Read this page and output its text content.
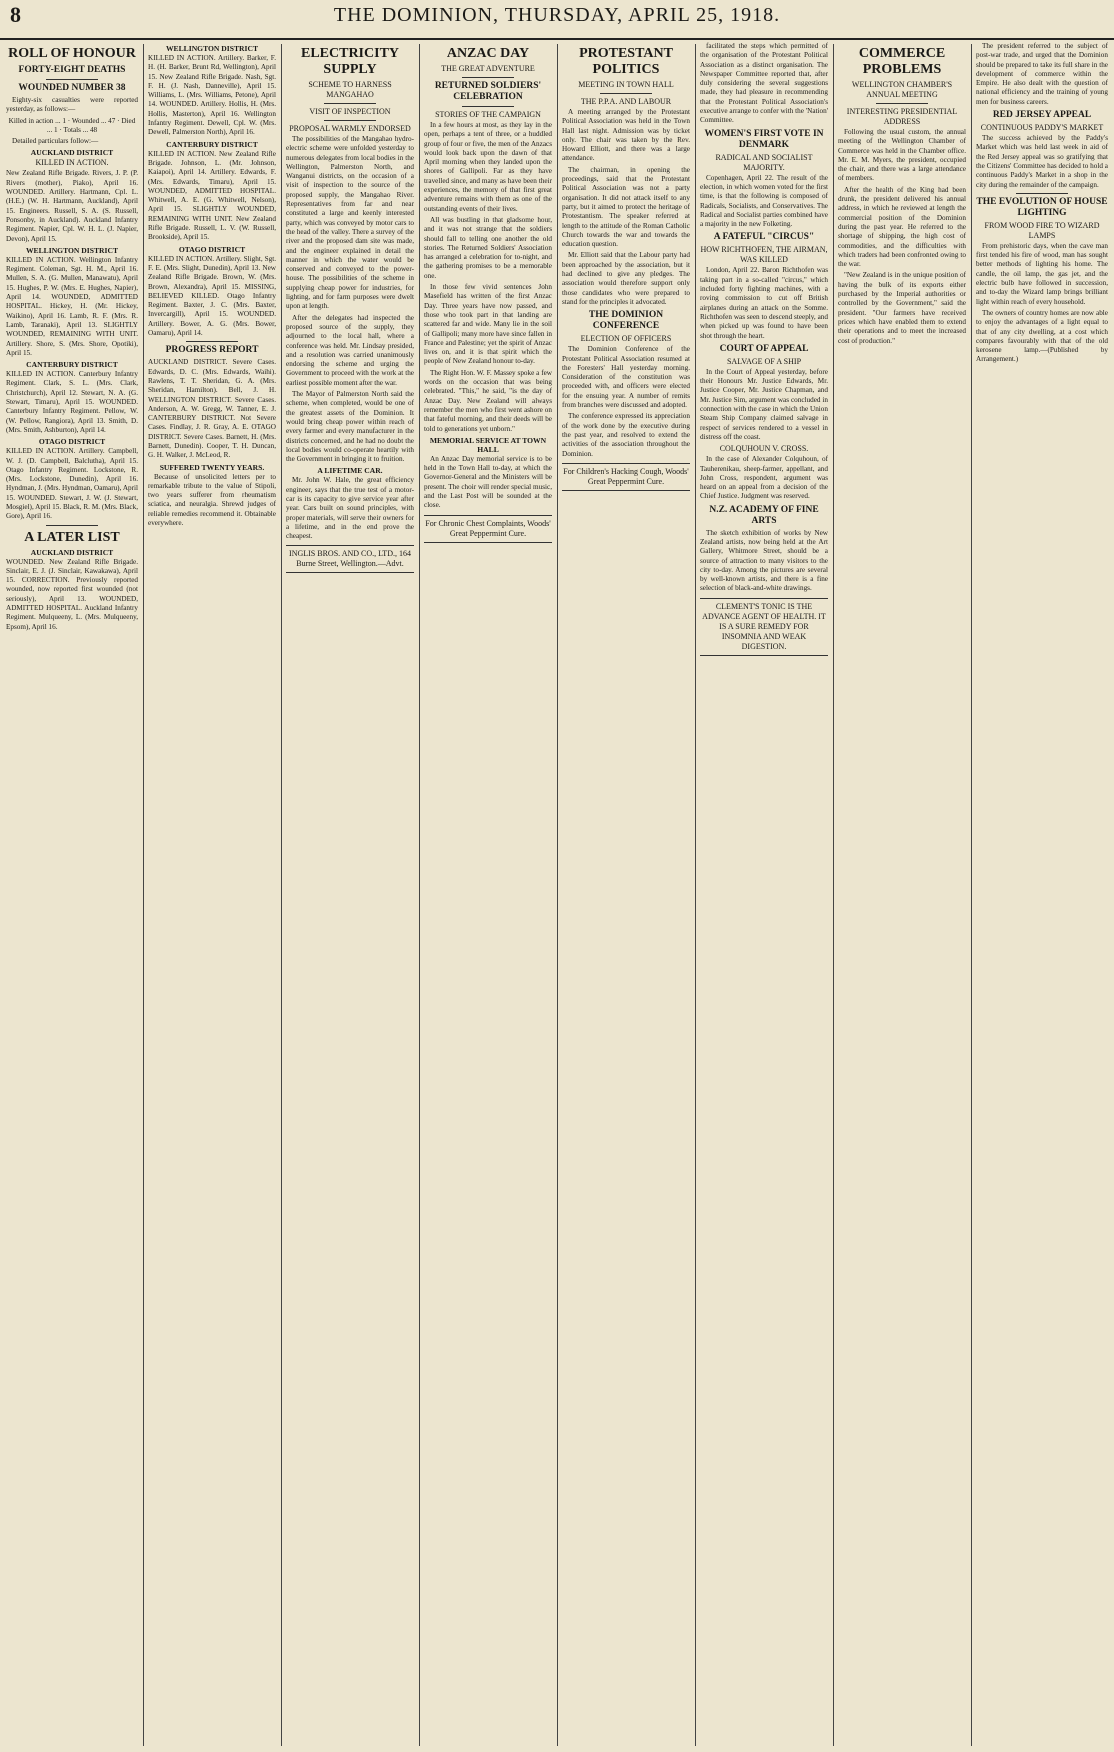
8	THE DOMINION, THURSDAY, APRIL 25, 1918.
ROLL OF HONOUR
FORTY-EIGHT DEATHS
WOUNDED NUMBER 38

Eighty-six casualties were reported yesterday, as follows:—

Killed in action ... 1 · Wounded ... 47 · Died ... 1 · Totals ... 48

Detailed particulars follow:—

AUCKLAND DISTRICT
KILLED IN ACTION.

New Zealand Rifle Brigade. Rivers, J. P. (P. Rivers (mother), Piako), April 16. WOUNDED. Artillery. Hartmann, Cpl. L. (H.E.) (W. H. Hartmann, Auckland), April 15. Engineers. Russell, S. A. (S. Russell, Ponsonby, in Auckland). Auckland Infantry Regiment. Napier, Cpl. W. H. L. (J. Napier, Devon), April 15.

WELLINGTON DISTRICT

KILLED IN ACTION. Wellington Infantry Regiment. Coleman, Sgt. H. M., April 16. Mullen, S. A. (G. Mullen, Manawatu), April 15. Hughes, P. W. (Mrs. E. Hughes, Napier), April 14. WOUNDED, ADMITTED HOSPITAL. Hickey, H. (Mr. Hickey, Waikino), April 16. Lamb, R. F. (Mrs. R. Lamb, Taranaki), April 13. SLIGHTLY WOUNDED, REMAINING WITH UNIT. Artillery. Shore, S. (Mrs. Shore, Opotiki), April 15.

CANTERBURY DISTRICT

KILLED IN ACTION. Canterbury Infantry Regiment. Clark, S. L. (Mrs. Clark, Christchurch), April 12. Stewart, N. A. (G. Stewart, Timaru), April 15. WOUNDED. Canterbury Infantry Regiment. Pellow, W. (W. Pellow, Rangiora), April 13. Smith, D. (Mrs. Smith, Ashburton), April 14.

OTAGO DISTRICT

KILLED IN ACTION. Artillery. Campbell, W. J. (D. Campbell, Balclutha), April 15. Otago Infantry Regiment. Lockstone, R. (Mrs. Lockstone, Dunedin), April 16. Hyndman, J. (Mrs. Hyndman, Oamaru), April 15. WOUNDED. Stewart, J. W. (J. Stewart, Mosgiel), April 15. Black, R. M. (Mrs. Black, Gore), April 16.

A LATER LIST
AUCKLAND DISTRICT

WOUNDED. New Zealand Rifle Brigade. Sinclair, E. J. (J. Sinclair, Kawakawa), April 15. CORRECTION. Previously reported wounded, now reported first wounded (not seriously), April 13. WOUNDED, ADMITTED HOSPITAL. Auckland Infantry Regiment. Mulqueeny, L. (Mrs. Mulqueeny, Epsom), April 16.

WELLINGTON DISTRICT

KILLED IN ACTION. Artillery. Barker, F. H. (H. Barker, Brunt Rd, Wellington), April 15. New Zealand Rifle Brigade. Nash, Sgt. F. H. (J. Nash, Danneville), April 15. Williams, L. (Mrs. Williams, Petone), April 14. WOUNDED. Artillery. Hollis, H. (Mrs. Hollis, Masterton), April 16. Wellington Infantry Regiment. Dewell, Cpl. W. (Mrs. Dewell, Palmerston North), April 16.

CANTERBURY DISTRICT

KILLED IN ACTION. New Zealand Rifle Brigade. Johnson, L. (Mr. Johnson, Kaiapoi), April 14. Artillery. Edwards, F. (Mrs. Edwards, Timaru), April 15. WOUNDED, ADMITTED HOSPITAL. Whitwell, A. E. (G. Whitwell, Nelson), April 15. SLIGHTLY WOUNDED, REMAINING WITH UNIT. New Zealand Rifle Brigade. Russell, L. V. (W. Russell, Brookside), April 15.

OTAGO DISTRICT

KILLED IN ACTION. Artillery. Slight, Sgt. F. E. (Mrs. Slight, Dunedin), April 13. New Zealand Rifle Brigade. Brown, W. (Mrs. Brown, Alexandra), April 15. MISSING, BELIEVED KILLED. Otago Infantry Regiment. Baxter, J. C. (Mrs. Baxter, Invercargill), April 15. WOUNDED. Artillery. Bower, A. G. (Mrs. Bower, Oamaru), April 14.

PROGRESS REPORT

AUCKLAND DISTRICT. Severe Cases. Edwards, D. C. (Mrs. Edwards, Waihi). Rawlens, T. T. Sheridan, G. A. (Mrs. Sheridan, Hamilton). Bell, J. H. WELLINGTON DISTRICT. Severe Cases. Anderson, A. W. Gregg, W. Tanner, E. J. CANTERBURY DISTRICT. Not Severe Cases. Findlay, J. R. Gray, A. E. OTAGO DISTRICT. Severe Cases. Barnett, H. (Mrs. Barnett, Dunedin). Cooper, T. H. Duncan, G. H. Walker, J. McLeod, R.

SUFFERED TWENTY YEARS.

Because of unsolicited letters per to remarkable tribute to the value of Stipoli, two years sufferer from rheumatism sciatica, and neuralgia. Shrewd judges of reliable remedies recommend it. Obtainable everywhere.

ELECTRICITY SUPPLY
SCHEME TO HARNESS MANGAHAO
VISIT OF INSPECTION
PROPOSAL WARMLY ENDORSED

The possibilities of the Mangahao hydro-electric scheme were unfolded yesterday to numerous delegates from local bodies in the Wellington, Palmerston North, and Wanganui districts, on the occasion of a visit of inspection to the source of the proposed supply, the Mangahao River. Representatives from far and near constituted a large and keenly interested party, which was conveyed by motor cars to the head of the valley. There a survey of the river and the proposed dam site was made, and the engineer explained in detail the manner in which the water would be conserved and conveyed to the power-house. The possibilities of the scheme in supplying cheap power for industries, for lighting, and for farm purposes were dwelt upon at length.

After the delegates had inspected the proposed source of the supply, they adjourned to the local hall, where a conference was held. Mr. Lindsay presided, and a resolution was carried unanimously endorsing the scheme and urging the Government to proceed with the work at the earliest possible moment after the war.

The Mayor of Palmerston North said the scheme, when completed, would be one of the greatest assets of the Dominion. It would bring cheap power within reach of every farmer and every manufacturer in the districts concerned, and he had no doubt the local bodies would co-operate heartily with the Government in bringing it to fruition.

A LIFETIME CAR.

Mr. John W. Hale, the great efficiency engineer, says that the true test of a motor-car is its capacity to give service year after year. Cars built on sound principles, with proper materials, will serve their owners for a lifetime, and in the end prove the cheapest.

INGLIS BROS. AND CO., LTD., 164 Burne Street, Wellington.—Advt.
ANZAC DAY
THE GREAT ADVENTURE
RETURNED SOLDIERS' CELEBRATION
STORIES OF THE CAMPAIGN

In a few hours at most, as they lay in the open, perhaps a tent of three, or a huddled group of four or five, the men of the Anzacs would look back upon the dawn of that April morning when they landed upon the shores of Gallipoli. Far as they have travelled since, and many as have been their experiences, the memory of that first great adventure remains with them as one of the outstanding events of their lives.

All was bustling in that gladsome hour, and it was not strange that the soldiers should fall to telling one another the old stories. The Returned Soldiers' Association has arranged a celebration for to-night, and the gathering promises to be a memorable one.

In those few vivid sentences John Masefield has written of the first Anzac Day. Three years have now passed, and those who took part in that landing are scattered far and wide. Many lie in the soil of Gallipoli; many more have since fallen in France and Palestine; yet the spirit of Anzac lives on, and it is that spirit which the people of New Zealand honour to-day.

The Right Hon. W. F. Massey spoke a few words on the occasion that was being celebrated. "This," he said, "is the day of Anzac Day. New Zealand will always remember the men who first went ashore on that fateful morning, and their deeds will be told to generations yet unborn."

MEMORIAL SERVICE AT TOWN HALL

An Anzac Day memorial service is to be held in the Town Hall to-day, at which the Governor-General and the Ministers will be present. The choir will render special music, and the Last Post will be sounded at the close.

For Chronic Chest Complaints, Woods' Great Peppermint Cure.
PROTESTANT POLITICS
MEETING IN TOWN HALL
THE P.P.A. AND LABOUR

A meeting arranged by the Protestant Political Association was held in the Town Hall last night. Admission was by ticket only. The chair was taken by the Rev. Howard Elliott, and there was a large attendance.

The chairman, in opening the proceedings, said that the Protestant Political Association was not a party organisation. It did not attack itself to any party, but it aimed to protect the heritage of Protestantism. The speaker referred at length to the attitude of the Roman Catholic Church towards the war and towards the education question.

Mr. Elliott said that the Labour party had been approached by the association, but it had declined to give any pledges. The association would therefore support only those candidates who were prepared to stand for the principles it advocated.

THE DOMINION CONFERENCE
ELECTION OF OFFICERS

The Dominion Conference of the Protestant Political Association resumed at the Foresters' Hall yesterday morning. Consideration of the constitution was proceeded with, and officers were elected for the ensuing year. A number of remits from branches were discussed and adopted.

The conference expressed its appreciation of the work done by the executive during the past year, and resolved to extend the activities of the association throughout the Dominion.

For Children's Hacking Cough, Woods' Great Peppermint Cure.

facilitated the steps which permitted of the organisation of the Protestant Political Association as a distinct organisation. The Newspaper Committee reported that, after duly considering the several suggestions made, they had pleasure in recommending that the Protestant Political Association's executive arrange to confer with the 'Nation' Committee.

WOMEN'S FIRST VOTE IN DENMARK
RADICAL AND SOCIALIST MAJORITY.

Copenhagen, April 22. The result of the election, in which women voted for the first time, is that the following is composed of Radicals, Socialists, and Conservatives. The Radical and Socialist parties combined have a majority in the new Folketing.

A FATEFUL "CIRCUS"
HOW RICHTHOFEN, THE AIRMAN, WAS KILLED

London, April 22. Baron Richthofen was taking part in a so-called "circus," which included forty fighting machines, with a roving commission to cut off British airplanes during an attack on the Somme. Richthofen was seen to descend steeply, and when picked up was found to have been shot through the heart.

COURT OF APPEAL
SALVAGE OF A SHIP

In the Court of Appeal yesterday, before their Honours Mr. Justice Edwards, Mr. Justice Cooper, Mr. Justice Chapman, and Mr. Justice Sim, argument was concluded in connection with the case in which the Union Steam Ship Company claimed salvage in respect of services rendered to a vessel in distress off the coast.

COLQUHOUN V. CROSS.

In the case of Alexander Colquhoun, of Tauherenikau, sheep-farmer, appellant, and John Cross, respondent, argument was heard on an appeal from a decision of the Chief Justice. Judgment was reserved.

N.Z. ACADEMY OF FINE ARTS

The sketch exhibition of works by New Zealand artists, now being held at the Art Gallery, Whitmore Street, should be a source of attraction to many visitors to the city to-day. Among the pictures are several by well-known artists, and there is a fine selection of black-and-white drawings.

CLEMENT'S TONIC IS THE ADVANCE AGENT OF HEALTH. IT IS A SURE REMEDY FOR INSOMNIA AND WEAK DIGESTION.
COMMERCE PROBLEMS
WELLINGTON CHAMBER'S ANNUAL MEETING
INTERESTING PRESIDENTIAL ADDRESS

Following the usual custom, the annual meeting of the Wellington Chamber of Commerce was held in the Chamber office. Mr. E. M. Myers, the president, occupied the chair, and there was a large attendance of members.

After the health of the King had been drunk, the president delivered his annual address, in which he reviewed at length the commercial position of the Dominion during the past year. He referred to the shortage of shipping, the high cost of commodities, and the difficulties with which traders had been confronted owing to the war.

"New Zealand is in the unique position of having the bulk of its exports either purchased by the Imperial authorities or controlled by the Government," said the president. "Our farmers have received prices which have enabled them to extend their operations and to meet the increased cost of production."

The president referred to the subject of post-war trade, and urged that the Dominion should be prepared to take its full share in the development of commerce within the Empire. He also dealt with the question of national efficiency and the training of young men for business careers.

RED JERSEY APPEAL
CONTINUOUS PADDY'S MARKET

The success achieved by the Paddy's Market which was held last week in aid of the Red Jersey appeal was so gratifying that the Citizens' Committee has decided to hold a continuous Paddy's Market in a shop in the city during the remainder of the campaign.

THE EVOLUTION OF HOUSE LIGHTING
FROM WOOD FIRE TO WIZARD LAMPS

From prehistoric days, when the cave man first tended his fire of wood, man has sought better methods of lighting his home. The candle, the oil lamp, the gas jet, and the electric bulb have followed in succession, and to-day the Wizard lamp brings brilliant light within reach of every household.

The owners of country homes are now able to enjoy the advantages of a light equal to that of any city dwelling, at a cost which compares favourably with that of the old kerosene lamp.—(Published by Arrangement.)
